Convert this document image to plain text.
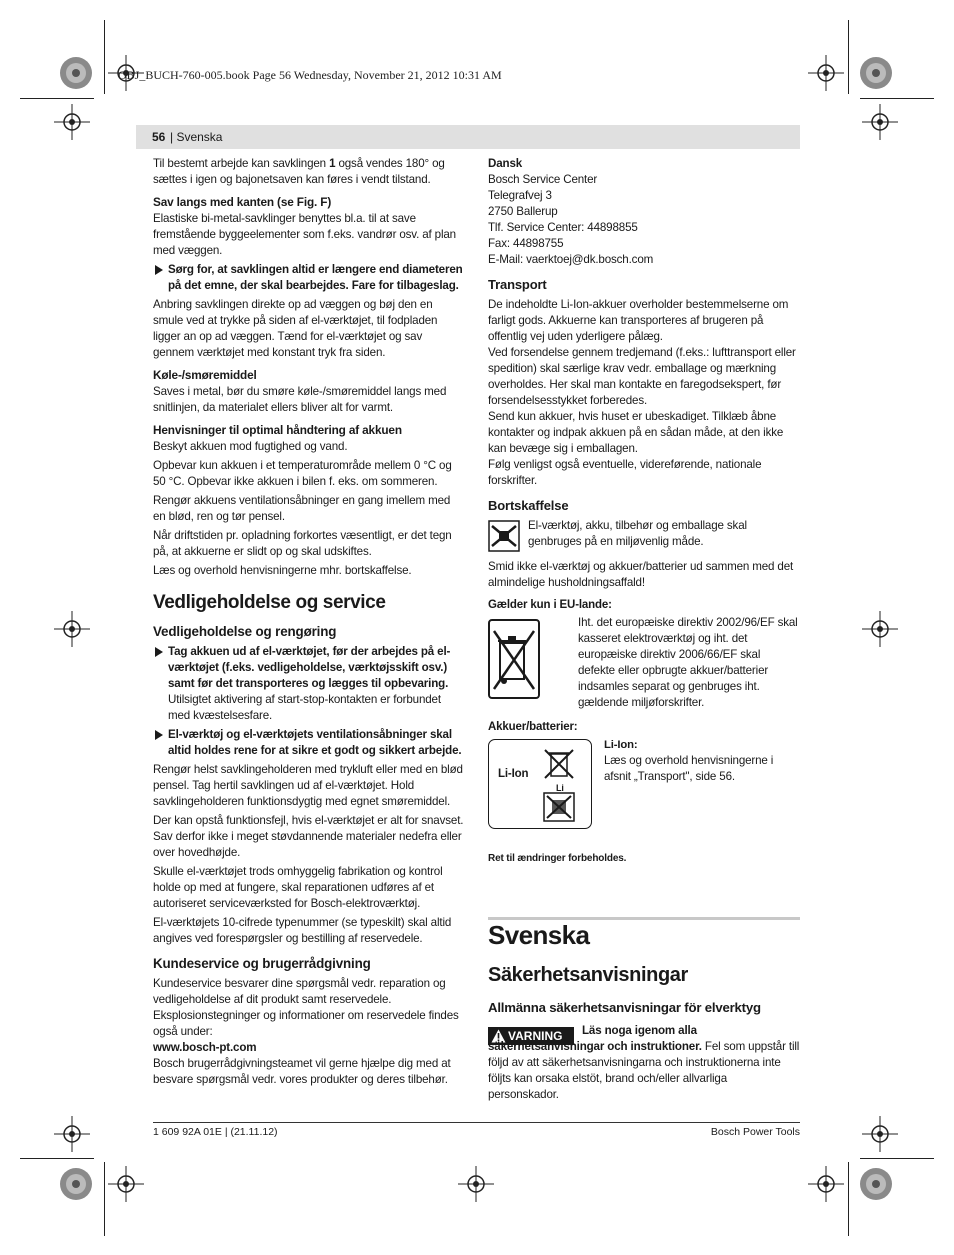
OBJ_BUCH-760-005.book Page 56 Wednesday, November 21, 2012 10:31 AM
56 | Svenska

Til bestemt arbejde kan savklingen 1 også vendes 180° og sættes i igen og bajonetsaven kan føres i vendt tilstand.

Sav langs med kanten (se Fig. F)

Elastiske bi-metal-savklinger benyttes bl.a. til at save fremstående byggeelementer som f.eks. vandrør osv. af plan med væggen.

Sørg for, at savklingen altid er længere end diameteren på det emne, der skal bearbejdes. Fare for tilbageslag.

Anbring savklingen direkte op ad væggen og bøj den en smule ved at trykke på siden af el-værktøjet, til fodpladen ligger an op ad væggen. Tænd for el-værktøjet og sav gennem værktøjet med konstant tryk fra siden.

Køle-/smøremiddel

Saves i metal, bør du smøre køle-/smøremiddel langs med snitlinjen, da materialet ellers bliver alt for varmt.

Henvisninger til optimal håndtering af akkuen

Beskyt akkuen mod fugtighed og vand.

Opbevar kun akkuen i et temperaturområde mellem 0 °C og 50 °C. Opbevar ikke akkuen i bilen f. eks. om sommeren.

Rengør akkuens ventilationsåbninger en gang imellem med en blød, ren og tør pensel.

Når driftstiden pr. opladning forkortes væsentligt, er det tegn på, at akkuerne er slidt op og skal udskiftes.

Læs og overhold henvisningerne mhr. bortskaffelse.

Vedligeholdelse og service

Vedligeholdelse og rengøring

Tag akkuen ud af el-værktøjet, før der arbejdes på el-værktøjet (f.eks. vedligeholdelse, værktøjsskift osv.) samt før det transporteres og lægges til opbevaring. Utilsigtet aktivering af start-stop-kontakten er forbundet med kvæstelsesfare.

El-værktøj og el-værktøjets ventilationsåbninger skal altid holdes rene for at sikre et godt og sikkert arbejde.

Rengør helst savklingeholderen med trykluft eller med en blød pensel. Tag hertil savklingen ud af el-værktøjet. Hold savklingeholderen funktionsdygtig med egnet smøremiddel.

Der kan opstå funktionsfejl, hvis el-værktøjet er alt for snavset. Sav derfor ikke i meget støvdannende materialer nedefra eller over hovedhøjde.

Skulle el-værktøjet trods omhyggelig fabrikation og kontrol holde op med at fungere, skal reparationen udføres af et autoriseret serviceværksted for Bosch-elektroværktøj.

El-værktøjets 10-cifrede typenummer (se typeskilt) skal altid angives ved forespørgsler og bestilling af reservedele.

Kundeservice og brugerrådgivning

Kundeservice besvarer dine spørgsmål vedr. reparation og vedligeholdelse af dit produkt samt reservedele. Eksplosionstegninger og informationer om reservedele findes også under:

www.bosch-pt.com

Bosch brugerrådgivningsteamet vil gerne hjælpe dig med at besvare spørgsmål vedr. vores produkter og deres tilbehør.

Dansk

Bosch Service Center

Telegrafvej 3

2750 Ballerup

Tlf. Service Center: 44898855

Fax: 44898755

E-Mail: vaerktoej@dk.bosch.com

Transport

De indeholdte Li-Ion-akkuer overholder bestemmelserne om farligt gods. Akkuerne kan transporteres af brugeren på offentlig vej uden yderligere pålæg.

Ved forsendelse gennem tredjemand (f.eks.: lufttransport eller spedition) skal særlige krav vedr. emballage og mærkning overholdes. Her skal man kontakte en faregodsekspert, før forsendelsesstykket forberedes.

Send kun akkuer, hvis huset er ubeskadiget. Tilklæb åbne kontakter og indpak akkuen på en sådan måde, at den ikke kan bevæge sig i emballagen.

Følg venligst også eventuelle, videreførende, nationale forskrifter.

Bortskaffelse

El-værktøj, akku, tilbehør og emballage skal genbruges på en miljøvenlig måde.

Smid ikke el-værktøj og akkuer/batterier ud sammen med det almindelige husholdningsaffald!

Gælder kun i EU-lande:

Iht. det europæiske direktiv 2002/96/EF skal kasseret elektroværktøj og iht. det europæiske direktiv 2006/66/EF skal defekte eller opbrugte akkuer/batterier indsamles separat og genbruges iht. gældende miljøforskrifter.

Akkuer/batterier:

Li-Ion
Li

Li-Ion:

Læs og overhold henvisningerne i afsnit „Transport", side 56.

Ret til ændringer forbeholdes.

Svenska
Säkerhetsanvisningar
Allmänna säkerhetsanvisningar för elverktyg
VARNING	Läs noga igenom alla säkerhetsanvisningar och instruktioner. Fel som uppstår till följd av att säkerhetsanvisningarna och instruktionerna inte följts kan orsaka elstöt, brand och/eller allvarliga personskador.
1 609 92A 01E | (21.11.12)	Bosch Power Tools
